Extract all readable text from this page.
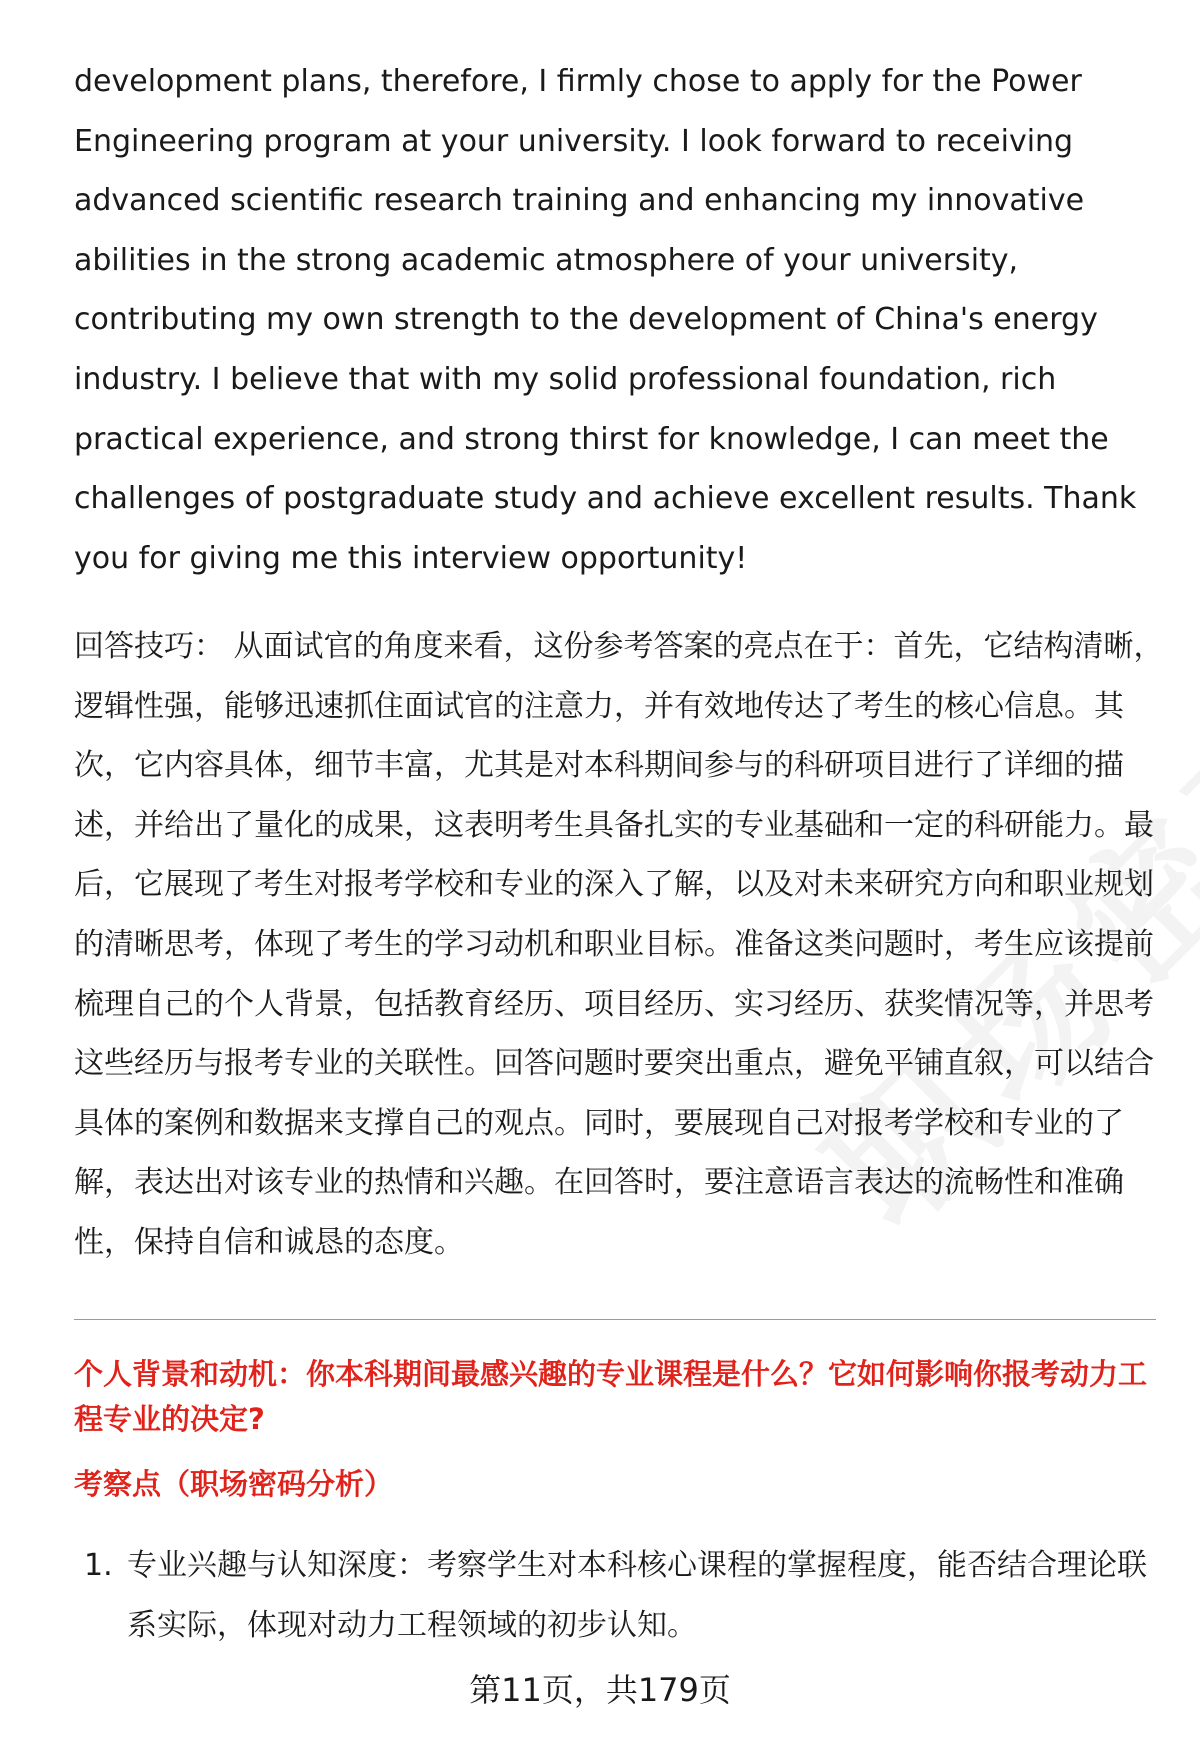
development plans, therefore, I firmly chose to apply for the Power Engineering program at your university. I look forward to receiving advanced scientific research training and enhancing my innovative abilities in the strong academic atmosphere of your university, contributing my own strength to the development of China's energy industry. I believe that with my solid professional foundation, rich practical experience, and strong thirst for knowledge, I can meet the challenges of postgraduate study and achieve excellent results. Thank you for giving me this interview opportunity!

回答技巧： 从面试官的角度来看，这份参考答案的亮点在于：首先，它结构清晰，逻辑性强，能够迅速抓住面试官的注意力，并有效地传达了考生的核心信息。其次，它内容具体，细节丰富，尤其是对本科期间参与的科研项目进行了详细的描述，并给出了量化的成果，这表明考生具备扎实的专业基础和一定的科研能力。最后，它展现了考生对报考学校和专业的深入了解，以及对未来研究方向和职业规划的清晰思考，体现了考生的学习动机和职业目标。准备这类问题时，考生应该提前梳理自己的个人背景，包括教育经历、项目经历、实习经历、获奖情况等，并思考这些经历与报考专业的关联性。回答问题时要突出重点，避免平铺直叙，可以结合具体的案例和数据来支撑自己的观点。同时，要展现自己对报考学校和专业的了解，表达出对该专业的热情和兴趣。在回答时，要注意语言表达的流畅性和准确性，保持自信和诚恳的态度。

个人背景和动机：你本科期间最感兴趣的专业课程是什么？它如何影响你报考动力工程专业的决定?

考察点（职场密码分析）

1. 专业兴趣与认知深度：考察学生对本科核心课程的掌握程度，能否结合理论联系实际，体现对动力工程领域的初步认知。
第11页，共179页
